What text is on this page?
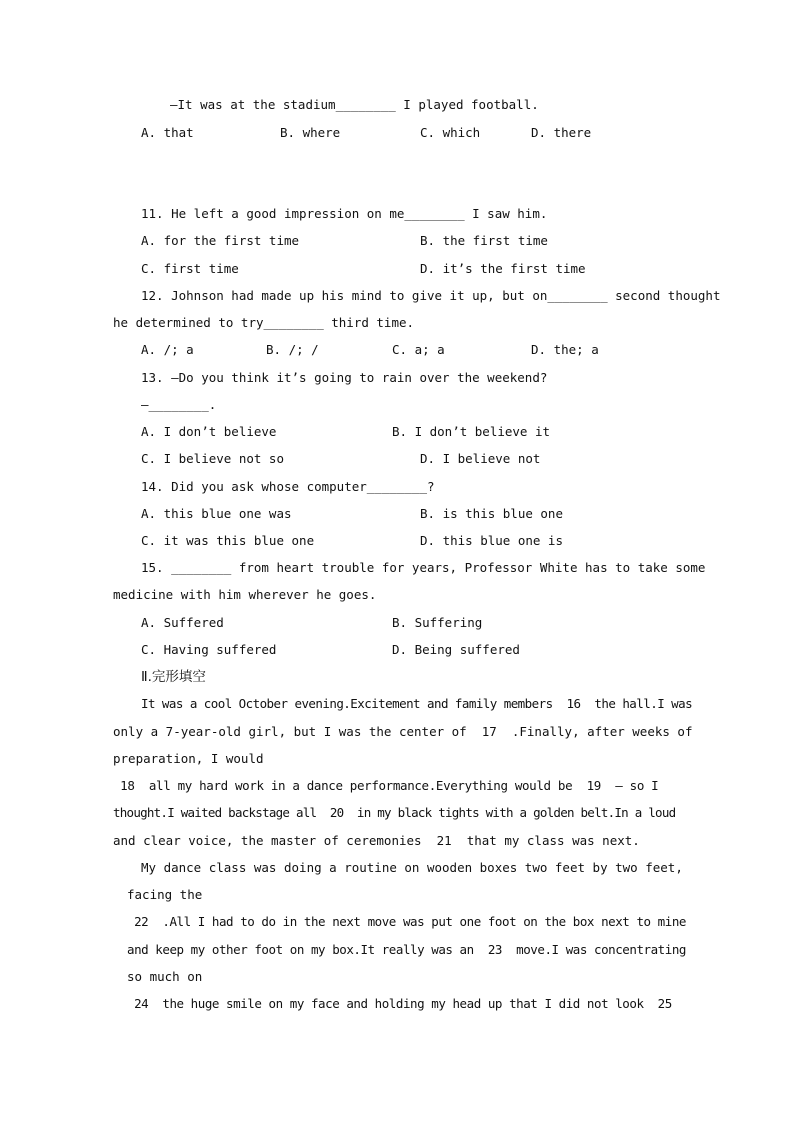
—It was at the stadium________ I played football.
A. that	B. where	C. which	D. there
11. He left a good impression on me________ I saw him.
A. for the first time	B. the first time
C. first time	D. it’s the first time
12. Johnson had made up his mind to give it up, but on________ second thought
he determined to try________ third time.
A. /; a	B. /; /	C. a; a	D. the; a
13. —Do you think it’s going to rain over the weekend?
—________.
A. I don’t believe	B. I don’t believe it
C. I believe not so	D. I believe not
14. Did you ask whose computer________?
A. this blue one was	B. is this blue one
C. it was this blue one	D. this blue one is
15. ________ from heart trouble for years, Professor White has to take some
medicine with him wherever he goes.
A. Suffered	B. Suffering
C. Having suffered	D. Being suffered
Ⅱ.完形填空
It was a cool October evening.Excitement and family members  16  the hall.I was
only a 7-year-old girl, but I was the center of  17  .Finally, after weeks of
preparation, I would
18  all my hard work in a dance performance.Everything would be  19  — so I
thought.I waited backstage all  20  in my black tights with a golden belt.In a loud
and clear voice, the master of ceremonies  21  that my class was next.
My dance class was doing a routine on wooden boxes two feet by two feet,
facing the
22  .All I had to do in the next move was put one foot on the box next to mine
and keep my other foot on my box.It really was an  23  move.I was concentrating
so much on
24  the huge smile on my face and holding my head up that I did not look  25
